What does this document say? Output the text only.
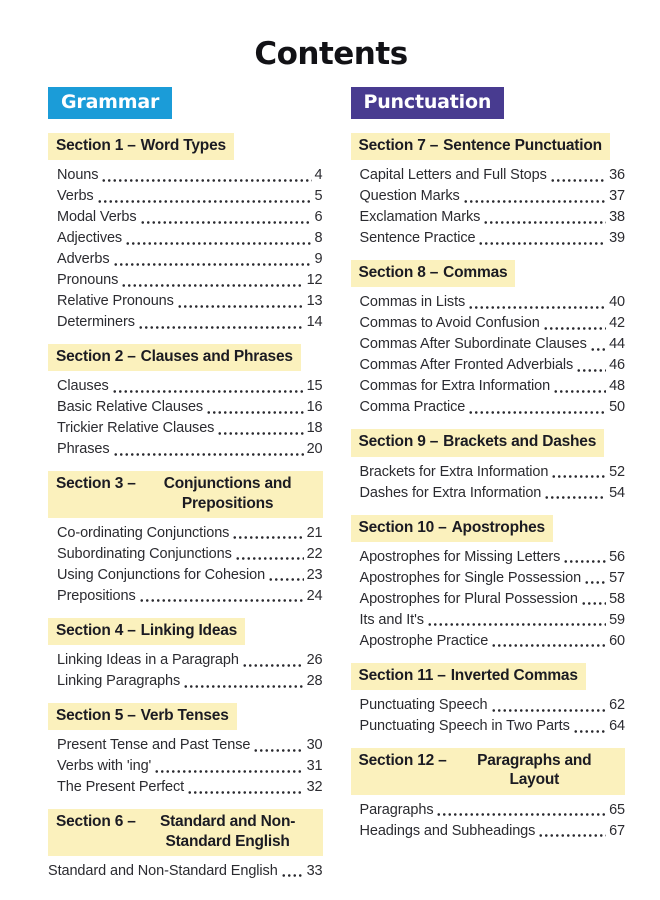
Contents
Grammar
Section 1 – Word Types
Nouns	4
Verbs	5
Modal Verbs	6
Adjectives	8
Adverbs	9
Pronouns	12
Relative Pronouns	13
Determiners	14
Section 2 – Clauses and Phrases
Clauses	15
Basic Relative Clauses	16
Trickier Relative Clauses	18
Phrases	20
Section 3 –	Conjunctions and Prepositions
Co-ordinating Conjunctions	21
Subordinating Conjunctions	22
Using Conjunctions for Cohesion	23
Prepositions	24
Section 4 – Linking Ideas
Linking Ideas in a Paragraph	26
Linking Paragraphs	28
Section 5 – Verb Tenses
Present Tense and Past Tense	30
Verbs with 'ing'	31
The Present Perfect	32
Section 6 –	Standard and Non-Standard English
Standard and Non-Standard English 33
Punctuation
Section 7 – Sentence Punctuation
Capital Letters and Full Stops	36
Question Marks	37
Exclamation Marks	38
Sentence Practice	39
Section 8 – Commas
Commas in Lists	40
Commas to Avoid Confusion	42
Commas After Subordinate Clauses 44
Commas After Fronted Adverbials 46
Commas for Extra Information	48
Comma Practice	50
Section 9 – Brackets and Dashes
Brackets for Extra Information	52
Dashes for Extra Information	54
Section 10 – Apostrophes
Apostrophes for Missing Letters	56
Apostrophes for Single Possession 57
Apostrophes for Plural Possession 58
Its and It's	59
Apostrophe Practice	60
Section 11 – Inverted Commas
Punctuating Speech	62
Punctuating Speech in Two Parts	64
Section 12 –	Paragraphs and Layout
Paragraphs	65
Headings and Subheadings	67
